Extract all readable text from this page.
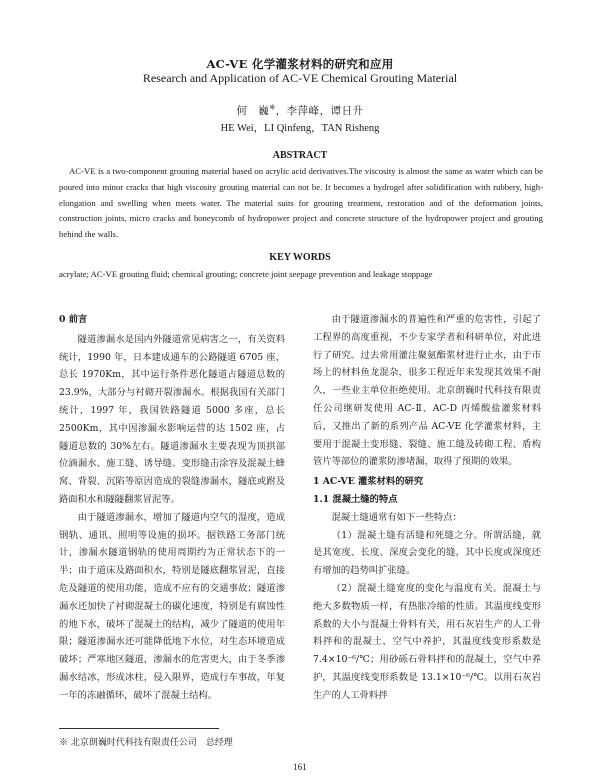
AC-VE 化学灌浆材料的研究和应用
Research and Application of AC-VE Chemical Grouting Material
何　巍※，李萍峰，谭日升
HE Wei，LI Qinfeng，TAN Risheng
ABSTRACT

AC-VE is a two-component grouting material based on acrylic acid derivatives.The viscosity is almost the same as water which can be poured into minor cracks that high viscosity grouting material can not be. It becomes a hydrogel after solidification with rubbery, high-elongation and swelling when meets water. The material suits for grouting treatment, restoration and of the deformation joints, construction joints, micro cracks and honeycomb of hydropower project and concrete structure of the hydropower project and grouting behind the walls.

KEY WORDS

acrylate; AC-VE grouting fluid; chemical grouting; concrete joint seepage prevention and leakage stoppage

0 前言

隧道渗漏水是国内外隧道常见病害之一，有关资料统计，1990 年，日本建成通车的公路隧道 6705 座，总长 1970Km，其中运行条件恶化隧道占隧道总数的 23.9%，大部分与衬砌开裂渗漏水。根据我国有关部门统计，1997 年，我国铁路隧道 5000 多座，总长 2500Km，其中因渗漏水影响运营的达 1502 座，占隧道总数的 30%左右。隧道渗漏水主要表现为顶拱部位滴漏水、施工缝、诱导缝、变形缝击涂容及混凝土蜂窝、背裂、沉陷等原因造成的裂缝渗漏水，隧底或跗及路面积水和隧隧翻浆冒泥等。

由于隧道渗漏水，增加了隧道内空气的湿度，造成钢轨、通讯、照明等设施的损坏。据铁路工务部门统计，渗漏水隧道钢轨的使用周期约为正常状态下的一半；由于道床及路面积水，特别是隧底翻浆冒泥，直接危及隧道的使用功能，造成不应有的交通事故；隧道渗漏水还加快了衬砌混凝土的碳化速度，特别是有腐蚀性的地下水，破坏了混凝土的结构，减少了隧道的使用年限；隧道渗漏水还可能降低地下水位，对生态环境造成破坏；严寒地区隧道，渗漏水的危害更大，由于冬季渗漏水结冰，形成冰柱，侵入限界，造成行车事故，年复一年的冻融循环，破坏了混凝土结构。

由于隧道渗漏水的普遍性和严重的危害性，引起了工程界的高度重视，不少专家学者和科研单位，对此进行了研究。过去常用灌注聚氨酯浆材进行止水，由于市场上的材料鱼龙混杂，很多工程近年来发现其效果不耐久，一些业主单位拒绝使用。北京朗巍时代科技有限责任公司继研发使用 AC-Ⅱ、AC-D 丙烯酸盐灌浆材料后，又推出了新的系列产品 AC-VE 化学灌浆材料，主要用于混凝土变形缝、裂缝、施工缝及砖砌工程、盾构管片等部位的灌浆防渗堵漏，取得了预期的效果。

1 AC-VE 灌浆材料的研究
1.1 混凝土缝的特点

混凝土缝通常有如下一些特点：

（1）混凝土缝有活缝和死缝之分。所谓活缝，就是其宽度、长度、深度会变化的缝，其中长度或深度还有增加的趋势叫扩张缝。

（2）混凝土缝宽度的变化与温度有关。混凝土与绝大多数物质一样，有热胀冷缩的性质。其温度线变形系数的大小与混凝土骨料有关，用石灰岩生产的人工骨料拌和的混凝土，空气中养护，其温度线变形系数是 7.4×10⁻⁶/℃；用砂砾石骨料拌和的混凝土，空气中养护，其温度线变形系数是 13.1×10⁻⁶/℃。以用石灰岩生产的人工骨料拌

※ 北京朗巍时代科技有限责任公司　总经理
161
